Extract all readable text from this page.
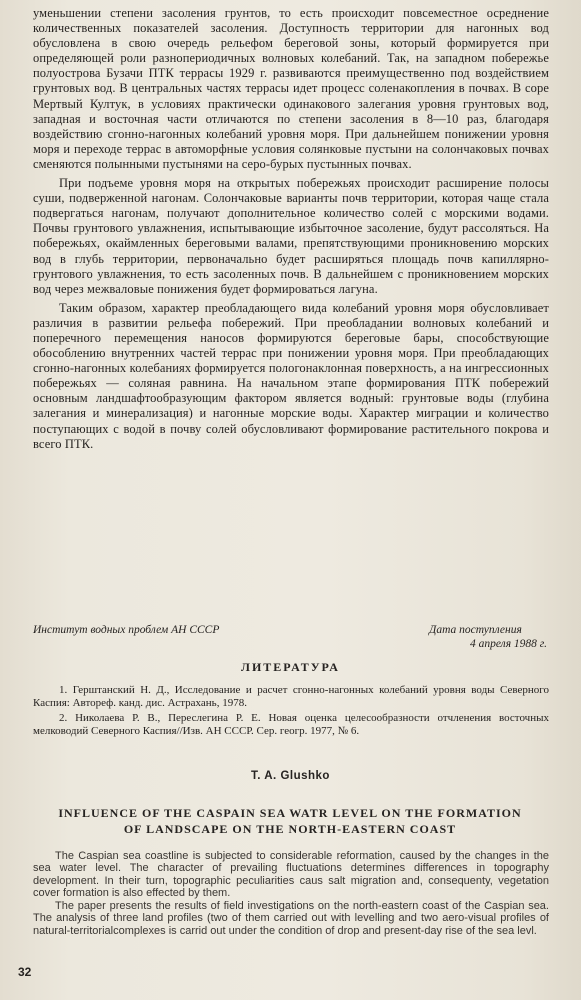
уменьшении степени засоления грунтов, то есть происходит повсеместное осреднение количественных показателей засоления. Доступность территории для нагонных вод обусловлена в свою очередь рельефом береговой зоны, который формируется при определяющей роли разнопериодичных волновых колебаний. Так, на западном побережье полуострова Бузачи ПТК террасы 1929 г. развиваются преимущественно под воздействием грунтовых вод. В центральных частях террасы идет процесс соленакопления в почвах. В соре Мертвый Култук, в условиях практически одинакового залегания уровня грунтовых вод, западная и восточная части отличаются по степени засоления в 8—10 раз, благодаря воздействию сгонно-нагонных колебаний уровня моря. При дальнейшем понижении уровня моря и переходе террас в автоморфные условия солянковые пустыни на солончаковых почвах сменяются полынными пустынями на серо-бурых пустынных почвах.

При подъеме уровня моря на открытых побережьях происходит расширение полосы суши, подверженной нагонам. Солончаковые варианты почв территории, которая чаще стала подвергаться нагонам, получают дополнительное количество солей с морскими водами. Почвы грунтового увлажнения, испытывающие избыточное засоление, будут рассоляться. На побережьях, окаймленных береговыми валами, препятствующими проникновению морских вод в глубь территории, первоначально будет расширяться площадь почв капиллярно-грунтового увлажнения, то есть засоленных почв. В дальнейшем с проникновением морских вод через межваловые понижения будет формироваться лагуна.

Таким образом, характер преобладающего вида колебаний уровня моря обусловливает различия в развитии рельефа побережий. При преобладании волновых колебаний и поперечного перемещения наносов формируются береговые бары, способствующие обособлению внутренних частей террас при понижении уровня моря. При преобладающих сгонно-нагонных колебаниях формируется пологонаклонная поверхность, а на ингрессионных побережьях — соляная равнина. На начальном этапе формирования ПТК побережий основным ландшафтообразующим фактором является водный: грунтовые воды (глубина залегания и минерализация) и нагонные морские воды. Характер миграции и количество поступающих с водой в почву солей обусловливают формирование растительного покрова и всего ПТК.

Институт водных проблем АН СССР	Дата поступления
4 апреля 1988 г.
ЛИТЕРАТУРА

1. Герштанский Н. Д., Исследование и расчет сгонно-нагонных колебаний уровня воды Северного Каспия: Автореф. канд. дис. Астрахань, 1978.

2. Николаева Р. В., Переслегина Р. Е. Новая оценка целесообразности отчленения восточных мелководий Северного Каспия//Изв. АН СССР. Сер. геогр. 1977, № 6.

T. A. Glushko
INFLUENCE OF THE CASPAIN SEA WATR LEVEL ON THE FORMATION
OF LANDSCAPE ON THE NORTH-EASTERN COAST

The Caspian sea coastline is subjected to considerable reformation, caused by the changes in the sea water level. The character of prevailing fluctuations determines differences in topography development. In their turn, topographic peculiarities caus salt migration and, consequenty, vegetation cover formation is also effected by them.

The paper presents the results of field investigations on the north-eastern coast of the Caspian sea. The analysis of three land profiles (two of them carried out with levelling and two aero-visual profiles of natural-territorialcomplexes is carrid out under the condition of drop and present-day rise of the sea levl.

32
